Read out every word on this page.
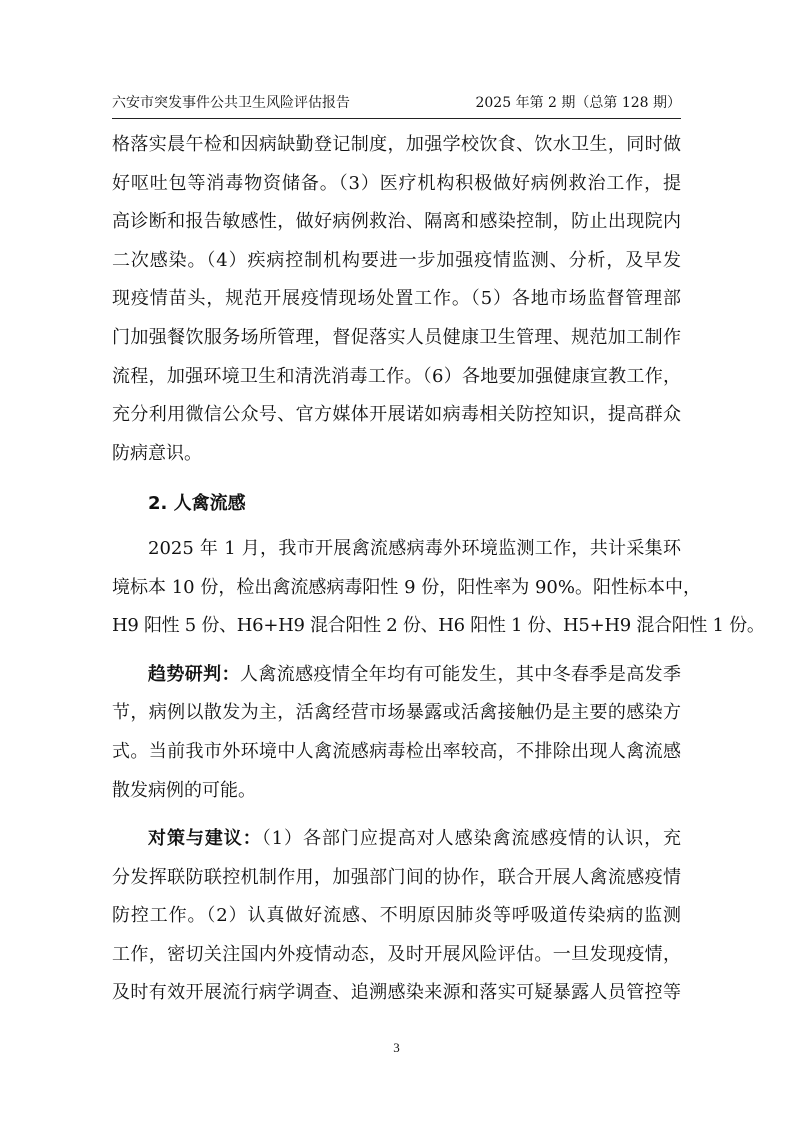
六安市突发事件公共卫生风险评估报告	2025 年第 2 期（总第 128 期）
格落实晨午检和因病缺勤登记制度，加强学校饮食、饮水卫生，同时做
好呕吐包等消毒物资储备。（3）医疗机构积极做好病例救治工作，提
高诊断和报告敏感性，做好病例救治、隔离和感染控制，防止出现院内
二次感染。（4）疾病控制机构要进一步加强疫情监测、分析，及早发
现疫情苗头，规范开展疫情现场处置工作。（5）各地市场监督管理部
门加强餐饮服务场所管理，督促落实人员健康卫生管理、规范加工制作
流程，加强环境卫生和清洗消毒工作。（6）各地要加强健康宣教工作，
充分利用微信公众号、官方媒体开展诺如病毒相关防控知识，提高群众
防病意识。
2. 人禽流感
2025 年 1 月，我市开展禽流感病毒外环境监测工作，共计采集环
境标本 10 份，检出禽流感病毒阳性 9 份，阳性率为 90%。阳性标本中，
H9 阳性 5 份、H6+H9 混合阳性 2 份、H6 阳性 1 份、H5+H9 混合阳性 1 份。
趋势研判：人禽流感疫情全年均有可能发生，其中冬春季是高发季
节，病例以散发为主，活禽经营市场暴露或活禽接触仍是主要的感染方
式。当前我市外环境中人禽流感病毒检出率较高，不排除出现人禽流感
散发病例的可能。
对策与建议：（1）各部门应提高对人感染禽流感疫情的认识，充
分发挥联防联控机制作用，加强部门间的协作，联合开展人禽流感疫情
防控工作。（2）认真做好流感、不明原因肺炎等呼吸道传染病的监测
工作，密切关注国内外疫情动态，及时开展风险评估。一旦发现疫情，
及时有效开展流行病学调查、追溯感染来源和落实可疑暴露人员管控等
3
